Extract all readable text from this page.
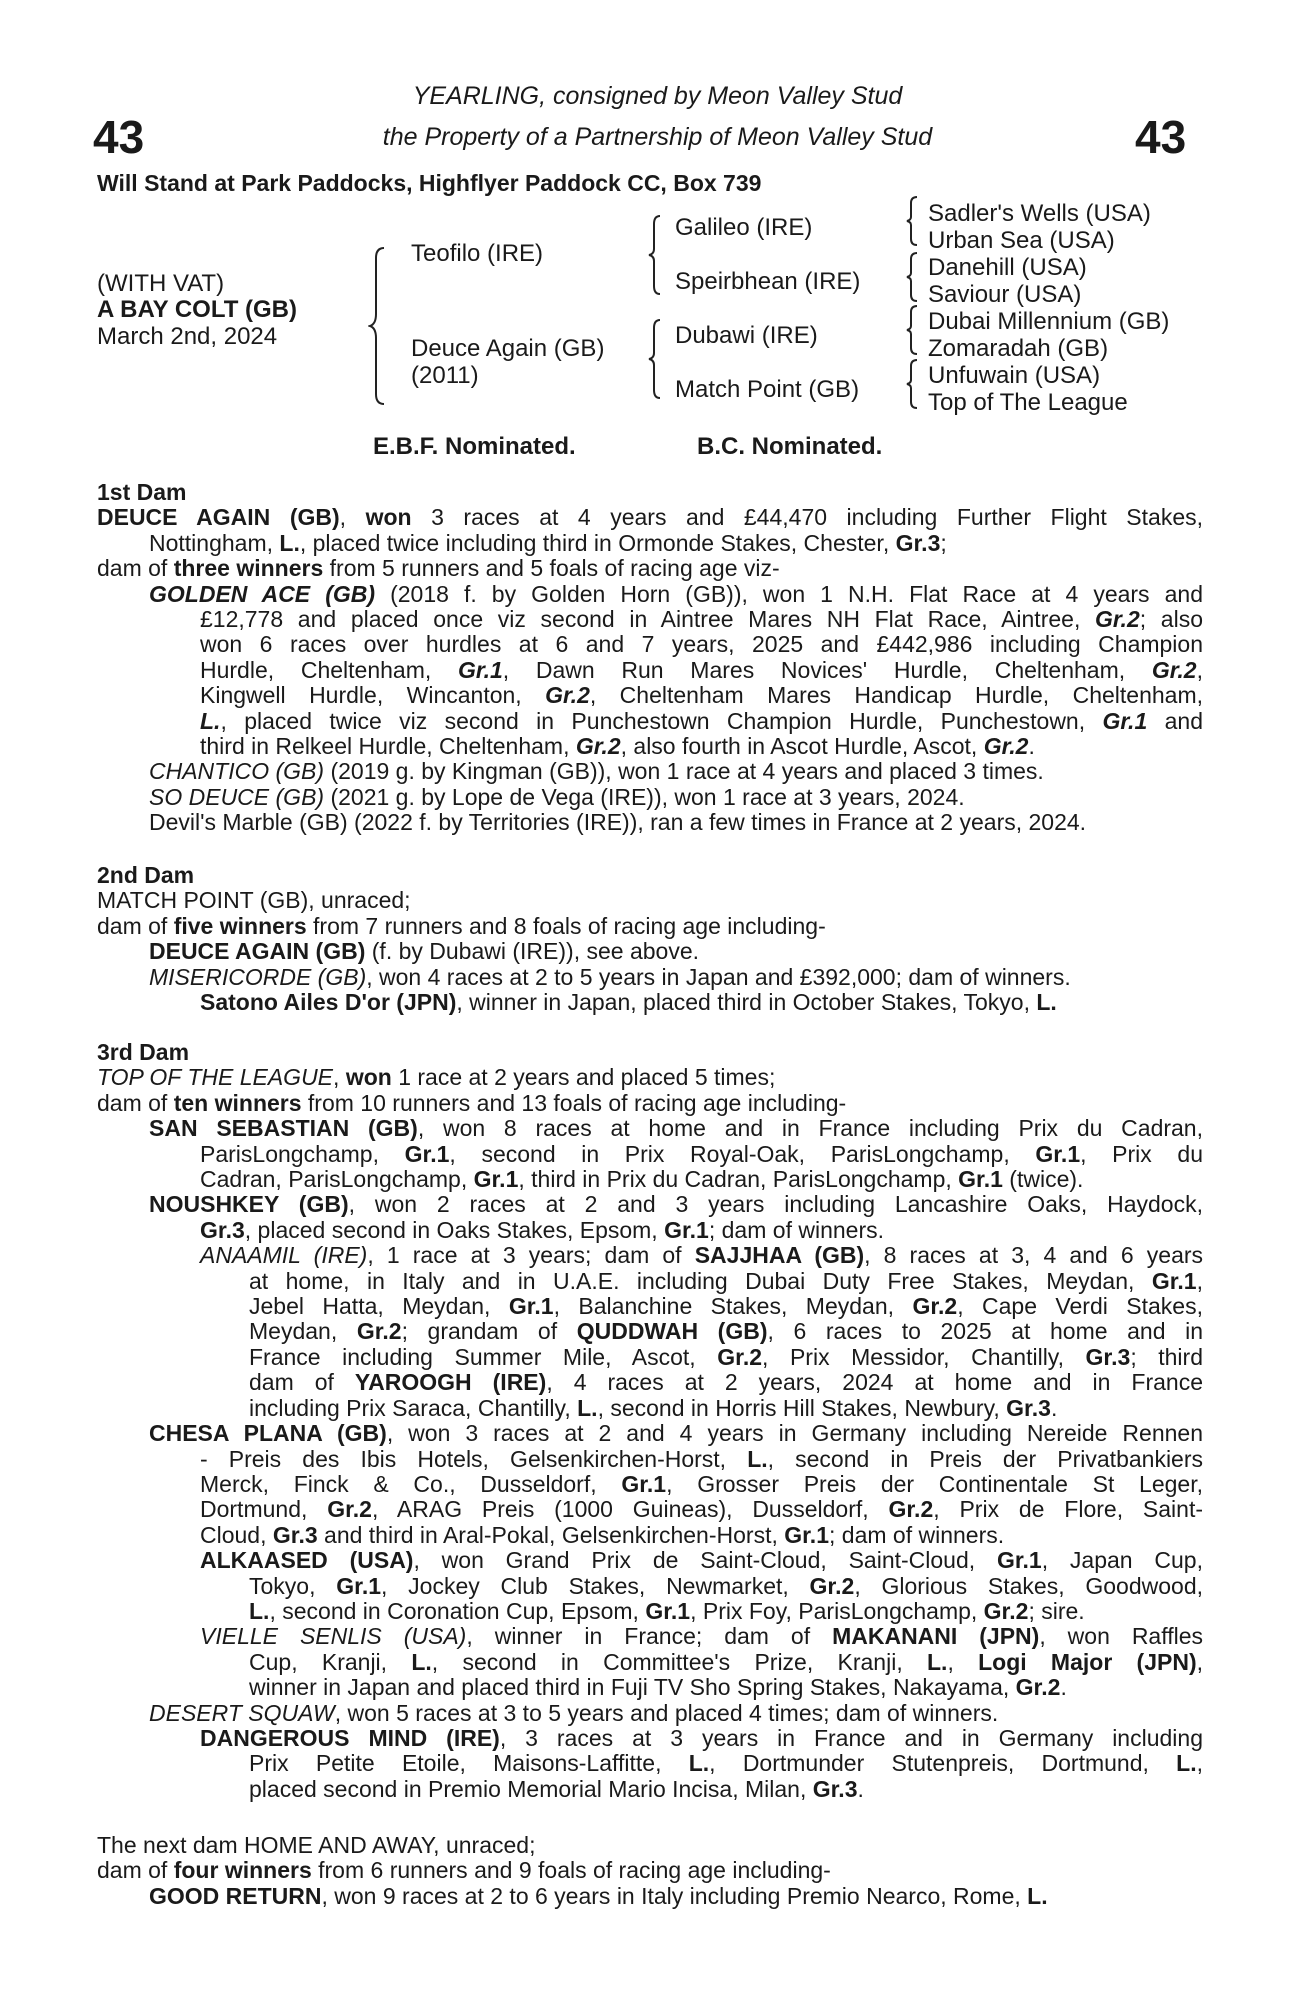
43	43
YEARLING, consigned by Meon Valley Stud
the Property of a Partnership of Meon Valley Stud
Will Stand at Park Paddocks, Highflyer Paddock CC, Box 739
(WITH VAT)
A BAY COLT (GB)
March 2nd, 2024
Teofilo (IRE)
Deuce Again (GB)
(2011)
Galileo (IRE)
Speirbhean (IRE)
Dubawi (IRE)
Match Point (GB)
Sadler's Wells (USA)
Urban Sea (USA)
Danehill (USA)
Saviour (USA)
Dubai Millennium (GB)
Zomaradah (GB)
Unfuwain (USA)
Top of The League
E.B.F. Nominated.	B.C. Nominated.
1st Dam
DEUCE AGAIN (GB), won 3 races at 4 years and £44,470 including Further Flight Stakes,
Nottingham, L., placed twice including third in Ormonde Stakes, Chester, Gr.3;
dam of three winners from 5 runners and 5 foals of racing age viz-
GOLDEN ACE (GB) (2018 f. by Golden Horn (GB)), won 1 N.H. Flat Race at 4 years and
£12,778 and placed once viz second in Aintree Mares NH Flat Race, Aintree, Gr.2; also
won 6 races over hurdles at 6 and 7 years, 2025 and £442,986 including Champion
Hurdle, Cheltenham, Gr.1, Dawn Run Mares Novices' Hurdle, Cheltenham, Gr.2,
Kingwell Hurdle, Wincanton, Gr.2, Cheltenham Mares Handicap Hurdle, Cheltenham,
L., placed twice viz second in Punchestown Champion Hurdle, Punchestown, Gr.1 and
third in Relkeel Hurdle, Cheltenham, Gr.2, also fourth in Ascot Hurdle, Ascot, Gr.2.
CHANTICO (GB) (2019 g. by Kingman (GB)), won 1 race at 4 years and placed 3 times.
SO DEUCE (GB) (2021 g. by Lope de Vega (IRE)), won 1 race at 3 years, 2024.
Devil's Marble (GB) (2022 f. by Territories (IRE)), ran a few times in France at 2 years, 2024.
2nd Dam
MATCH POINT (GB), unraced;
dam of five winners from 7 runners and 8 foals of racing age including-
DEUCE AGAIN (GB) (f. by Dubawi (IRE)), see above.
MISERICORDE (GB), won 4 races at 2 to 5 years in Japan and £392,000; dam of winners.
Satono Ailes D'or (JPN), winner in Japan, placed third in October Stakes, Tokyo, L.
3rd Dam
TOP OF THE LEAGUE, won 1 race at 2 years and placed 5 times;
dam of ten winners from 10 runners and 13 foals of racing age including-
SAN SEBASTIAN (GB), won 8 races at home and in France including Prix du Cadran,
ParisLongchamp, Gr.1, second in Prix Royal-Oak, ParisLongchamp, Gr.1, Prix du
Cadran, ParisLongchamp, Gr.1, third in Prix du Cadran, ParisLongchamp, Gr.1 (twice).
NOUSHKEY (GB), won 2 races at 2 and 3 years including Lancashire Oaks, Haydock,
Gr.3, placed second in Oaks Stakes, Epsom, Gr.1; dam of winners.
ANAAMIL (IRE), 1 race at 3 years; dam of SAJJHAA (GB), 8 races at 3, 4 and 6 years
at home, in Italy and in U.A.E. including Dubai Duty Free Stakes, Meydan, Gr.1,
Jebel Hatta, Meydan, Gr.1, Balanchine Stakes, Meydan, Gr.2, Cape Verdi Stakes,
Meydan, Gr.2; grandam of QUDDWAH (GB), 6 races to 2025 at home and in
France including Summer Mile, Ascot, Gr.2, Prix Messidor, Chantilly, Gr.3; third
dam of YAROOGH (IRE), 4 races at 2 years, 2024 at home and in France
including Prix Saraca, Chantilly, L., second in Horris Hill Stakes, Newbury, Gr.3.
CHESA PLANA (GB), won 3 races at 2 and 4 years in Germany including Nereide Rennen
- Preis des Ibis Hotels, Gelsenkirchen-Horst, L., second in Preis der Privatbankiers
Merck, Finck & Co., Dusseldorf, Gr.1, Grosser Preis der Continentale St Leger,
Dortmund, Gr.2, ARAG Preis (1000 Guineas), Dusseldorf, Gr.2, Prix de Flore, Saint-
Cloud, Gr.3 and third in Aral-Pokal, Gelsenkirchen-Horst, Gr.1; dam of winners.
ALKAASED (USA), won Grand Prix de Saint-Cloud, Saint-Cloud, Gr.1, Japan Cup,
Tokyo, Gr.1, Jockey Club Stakes, Newmarket, Gr.2, Glorious Stakes, Goodwood,
L., second in Coronation Cup, Epsom, Gr.1, Prix Foy, ParisLongchamp, Gr.2; sire.
VIELLE SENLIS (USA), winner in France; dam of MAKANANI (JPN), won Raffles
Cup, Kranji, L., second in Committee's Prize, Kranji, L., Logi Major (JPN),
winner in Japan and placed third in Fuji TV Sho Spring Stakes, Nakayama, Gr.2.
DESERT SQUAW, won 5 races at 3 to 5 years and placed 4 times; dam of winners.
DANGEROUS MIND (IRE), 3 races at 3 years in France and in Germany including
Prix Petite Etoile, Maisons-Laffitte, L., Dortmunder Stutenpreis, Dortmund, L.,
placed second in Premio Memorial Mario Incisa, Milan, Gr.3.
The next dam HOME AND AWAY, unraced;
dam of four winners from 6 runners and 9 foals of racing age including-
GOOD RETURN, won 9 races at 2 to 6 years in Italy including Premio Nearco, Rome, L.
